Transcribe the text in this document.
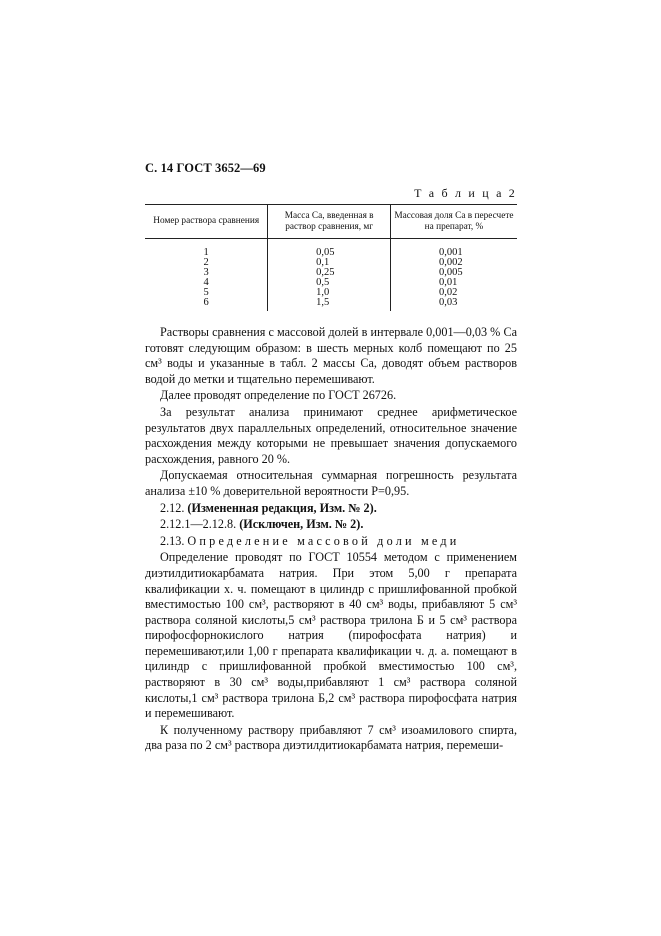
С. 14 ГОСТ 3652—69
Т а б л и ц а 2
Номер раствора сравнения	Масса Са, введенная в раствор сравнения, мг	Массовая доля Са в пересчете на препарат, %
1	0,05	0,001
2	0,1	0,002
3	0,25	0,005
4	0,5	0,01
5	1,0	0,02
6	1,5	0,03

Растворы сравнения с массовой долей в интервале 0,001—0,03 % Са готовят следующим образом: в шесть мерных колб помещают по 25 см³ воды и указанные в табл. 2 массы Са, доводят объем растворов водой до метки и тщательно перемешивают.

Далее проводят определение по ГОСТ 26726.

За результат анализа принимают среднее арифметическое результатов двух параллельных определений, относительное значение расхождения между которыми не превышает значения допускаемого расхождения, равного 20 %.

Допускаемая относительная суммарная погрешность результата анализа ±10 % доверительной вероятности P=0,95.

2.12. (Измененная редакция, Изм. № 2).

2.12.1—2.12.8. (Исключен, Изм. № 2).

2.13. Определение массовой доли меди

Определение проводят по ГОСТ 10554 методом с применением диэтилдитиокарбамата натрия. При этом 5,00 г препарата квалификации х. ч. помещают в цилиндр с пришлифованной пробкой вместимостью 100 см³, растворяют в 40 см³ воды, прибавляют 5 см³ раствора соляной кислоты,5 см³ раствора трилона Б и 5 см³ раствора пирофосфорнокислого натрия (пирофосфата натрия) и перемешивают,или 1,00 г препарата квалификации ч. д. а. помещают в цилиндр с пришлифованной пробкой вместимостью 100 см³, растворяют в 30 см³ воды,прибавляют 1 см³ раствора соляной кислоты,1 см³ раствора трилона Б,2 см³ раствора пирофосфата натрия и перемешивают.

К полученному раствору прибавляют 7 см³ изоамилового спирта, два раза по 2 см³ раствора диэтилдитиокарбамата натрия, перемеши-
